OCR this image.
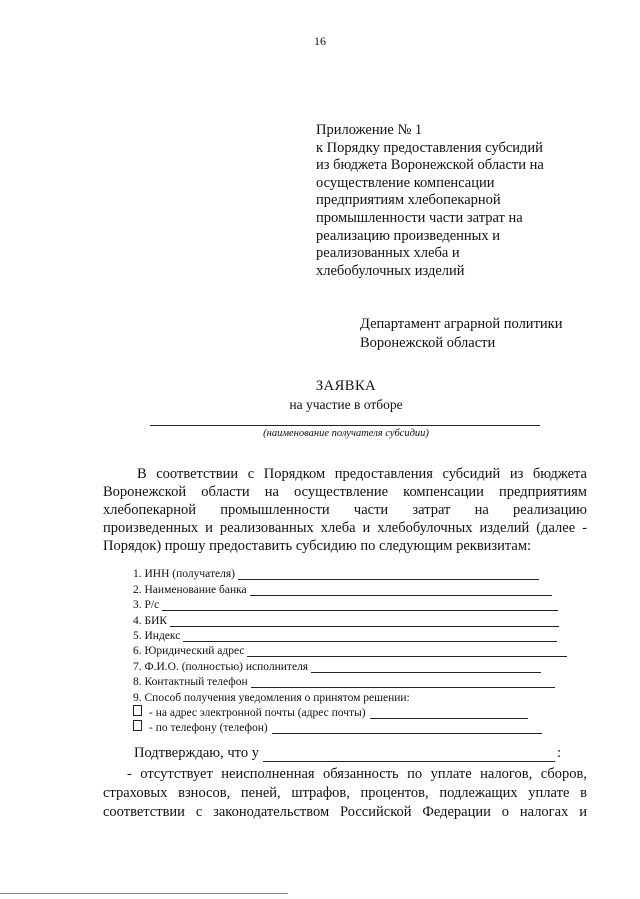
16
Приложение № 1
к Порядку предоставления субсидий
из бюджета Воронежской области на
осуществление компенсации
предприятиям хлебопекарной
промышленности части затрат на
реализацию произведенных и
реализованных хлеба и
хлебобулочных изделий
Департамент аграрной политики
Воронежской области
ЗАЯВКА
на участие в отборе
(наименование получателя субсидии)
В соответствии с Порядком предоставления субсидий из бюджета
Воронежской области на осуществление компенсации предприятиям
хлебопекарной промышленности части затрат на реализацию
произведенных и реализованных хлеба и хлебобулочных изделий (далее -
Порядок) прошу предоставить субсидию по следующим реквизитам:
1. ИНН (получателя)
2. Наименование банка
3. Р/с
4. БИК
5. Индекс
6. Юридический адрес
7. Ф.И.О. (полностью) исполнителя
8. Контактный телефон
9. Способ получения уведомления о принятом решении:
- на адрес электронной почты (адрес почты)
- по телефону (телефон)
Подтверждаю, что у	:
- отсутствует неисполненная обязанность по уплате налогов, сборов,
страховых взносов, пеней, штрафов, процентов, подлежащих уплате в
соответствии с законодательством Российской Федерации о налогах и
